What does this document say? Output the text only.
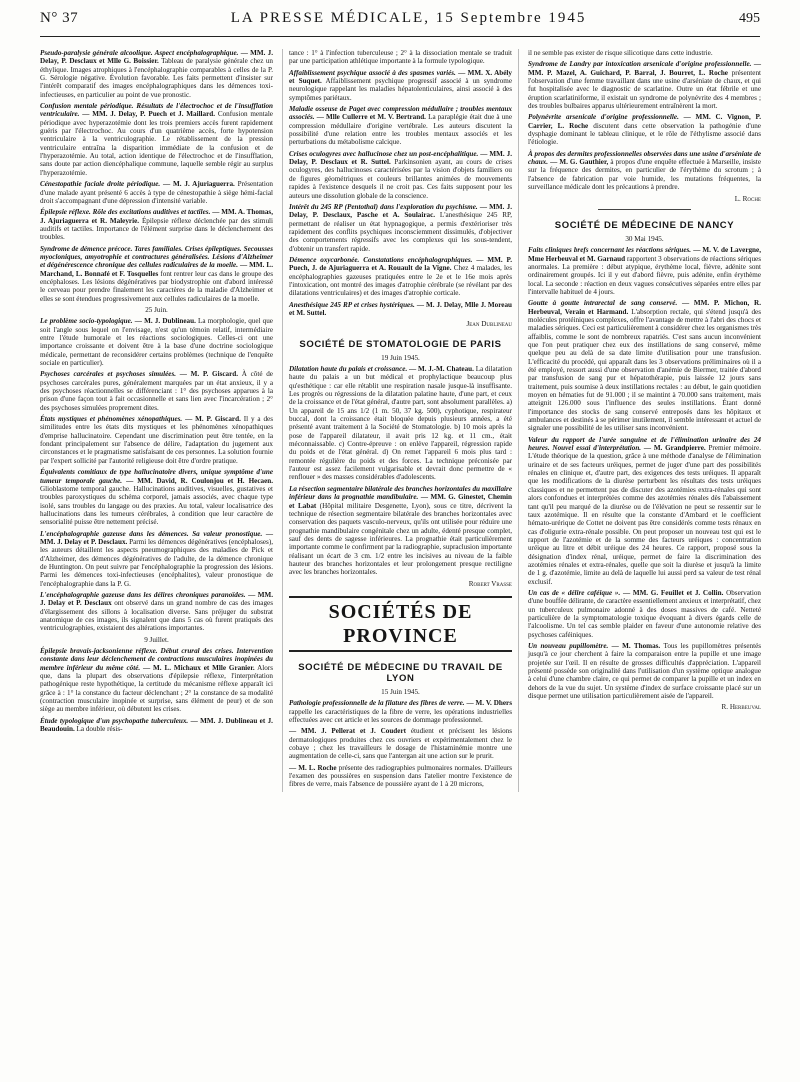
N° 37	LA PRESSE MÉDICALE, 15 Septembre 1945	495

Pseudo-paralysie générale alcoolique. Aspect encéphalographique. — MM. J. Delay, P. Desclaux et Mlle G. Boissier. Tableau de paralysie générale chez un éthylique. Images atrophiques à l'encéphalographie comparables à celles de la P. G. Sérologie négative. Évolution favorable. Les faits permettent d'insister sur l'intérêt comparatif des images encéphalographiques dans les démences toxi-infectieuses, en particulier au point de vue pronostic.

Confusion mentale périodique. Résultats de l'électrochoc et de l'insufflation ventriculaire. — MM. J. Delay, P. Puech et J. Maillard. Confusion mentale périodique avec hyperazotémie dont les trois premiers accès furent rapidement guéris par l'électrochoc. Au cours d'un quatrième accès, forte hypotension ventriculaire à la ventriculographie. Le rétablissement de la pression ventriculaire entraîna la disparition immédiate de la confusion et de l'hyperazotémie. Au total, action identique de l'électrochoc et de l'insufflation, sans doute par action diencéphalique commune, laquelle semble régir au surplus l'hyperazotémie.

Cénestopathie faciale droite périodique. — M. J. Ajuriaguerra. Présentation d'une malade ayant présenté 6 accès à type de cénestopathie à siège hémi-facial droit s'accompagnant d'une dépression d'intensité variable.

Épilepsie réflexe. Rôle des excitations auditives et tactiles. — MM. A. Thomas, J. Ajuriaguerra et R. Maleyrie. Épilepsie réflexe déclenchée par des stimuli auditifs et tactiles. Importance de l'élément surprise dans le déclenchement des troubles.

Syndrome de démence précoce. Tares familiales. Crises épileptiques. Secousses myocloniques, amyotrophie et contractures généralisées. Lésions d'Alzheimer et dégénérescence chronique des cellules radiculaires de la moelle. — MM. L. Marchand, L. Bonnafé et F. Tosquelles font rentrer leur cas dans le groupe des encéphaloses. Les lésions dégénératives par biodystrophie ont d'abord intéressé le cerveau pour prendre finalement les caractères de la maladie d'Alzheimer et elles se sont étendues progressivement aux cellules radiculaires de la moelle.

25 Juin.

Le problème socio-typologique. — M. J. Dublineau. La morphologie, quel que soit l'angle sous lequel on l'envisage, n'est qu'un témoin relatif, intermédiaire entre l'étude humorale et les réactions sociologiques. Celles-ci ont une importance croissante et doivent être à la base d'une doctrine sociologique médicale, permettant de reconsidérer certains problèmes (technique de l'enquête sociale en particulier).

Psychoses carcérales et psychoses simulées. — M. P. Giscard. À côté de psychoses carcérales pures, généralement marquées par un état anxieux, il y a des psychoses réactionnelles se différenciant : 1° des psychoses apparues à la prison d'une façon tout à fait occasionnelle et sans lien avec l'incarcération ; 2° des psychoses simulées proprement dites.

États mystiques et phénomènes xénopathiques. — M. P. Giscard. Il y a des similitudes entre les états dits mystiques et les phénomènes xénopathiques d'emprise hallucinatoire. Cependant une discrimination peut être tentée, en la fondant principalement sur l'absence de délire, l'adaptation du jugement aux circonstances et le pragmatisme satisfaisant de ces personnes. La solution fournie par l'expert sollicité par l'autorité religieuse doit être d'ordre pratique.

Équivalents comitiaux de type hallucinatoire divers, unique symptôme d'une tumeur temporale gauche. — MM. David, R. Coulonjou et H. Hecaen. Glioblastome temporal gauche. Hallucinations auditives, visuelles, gustatives et troubles paroxystiques du schéma corporel, jamais associés, avec chaque type isolé, sans troubles du langage ou des praxies. Au total, valeur localisatrice des hallucinations dans les tumeurs cérébrales, à condition que leur caractère de sensorialité puisse être nettement précisé.

L'encéphalographie gazeuse dans les démences. Sa valeur pronostique. — MM. J. Delay et P. Desclaux. Parmi les démences dégénératives (encéphaloses), les auteurs détaillent les aspects pneumographiques des maladies de Pick et d'Alzheimer, des démences dégénératives de l'adulte, de la démence chronique de Huntington. On peut suivre par l'encéphalographie la progression des lésions. Parmi les démences toxi-infectieuses (encéphalites), valeur pronostique de l'encéphalographie dans la P. G.

L'encéphalographie gazeuse dans les délires chroniques paranoïdes. — MM. J. Delay et P. Desclaux ont observé dans un grand nombre de cas des images d'élargissement des sillons à localisation diverse. Sans préjuger du substrat anatomique de ces images, ils signalent que dans 5 cas où furent pratiqués des ventriculographies, existaient des altérations importantes.

9 Juillet.

Épilepsie bravais-jacksonienne réflexe. Début crural des crises. Intervention constante dans leur déclenchement de contractions musculaires inopinées du membre inférieur du même côté. — M. L. Michaux et Mlle Granier. Alors que, dans la plupart des observations d'épilepsie réflexe, l'interprétation pathogénique reste hypothétique, la certitude du mécanisme réflexe apparaît ici grâce à : 1° la constance du facteur déclenchant ; 2° la constance de sa modalité (contraction musculaire inopinée et surprise, sans élément de peur) et de son siège au membre inférieur, où débutent les crises.

Étude typologique d'un psychopathe tuberculeux. — MM. J. Dublineau et J. Beaudouin. La double résis-

tance : 1° à l'infection tuberculeuse ; 2° à la dissociation mentale se traduit par une participation athlétique importante à la formule typologique.

Affaiblissement psychique associé à des spasmes variés. — MM. X. Abély et Suquet. Affaiblissement psychique progressif associé à un syndrome neurologique rappelant les maladies hépatolenticulaires, ainsi associé à des symptômes pariétaux.

Maladie osseuse de Paget avec compression médullaire ; troubles mentaux associés. — Mlle Cullerre et M. V. Bertrand. La paraplégie était due à une compression médullaire d'origine vertébrale. Les auteurs discutent la possibilité d'une relation entre les troubles mentaux associés et les perturbations du métabolisme calcique.

Crises oculogyres avec hallucinose chez un post-encéphalitique. — MM. J. Delay, P. Desclaux et R. Suttel. Parkinsonien ayant, au cours de crises oculogyres, des hallucinoses caractérisées par la vision d'objets familiers ou de figures géométriques et couleurs brillantes animées de mouvements rapides à l'existence desquels il ne croit pas. Ces faits supposent pour les auteurs une dissolution globale de la conscience.

Intérêt du 245 RP (Pentothal) dans l'exploration du psychisme. — MM. J. Delay, P. Desclaux, Pasche et A. Soulairac. L'anesthésique 245 RP, permettant de réaliser un état hypnagogique, a permis d'extérioriser très rapidement des conflits psychiques inconsciemment dissimulés, d'objectiver des comportements régressifs avec les complexes qui les sous-tendent, d'obtenir un transfert rapide.

Démence oxycarbonée. Constatations encéphalographiques. — MM. P. Puech, J. de Ajuriaguerra et A. Rouault de la Vigne. Chez 4 malades, les encéphalographies gazeuses pratiquées entre le 2e et le 16e mois après l'intoxication, ont montré des images d'atrophie cérébrale (se révélant par des dilatations ventriculaires) et des images d'atrophie corticale.

Anesthésique 245 RP et crises hystériques. — M. J. Delay, Mlle J. Moreau et M. Suttel.

Jean Dublineau
SOCIÉTÉ DE STOMATOLOGIE DE PARIS
19 Juin 1945.

Dilatation haute du palais et croissance. — M. J.-M. Chateau. La dilatation haute du palais a un but médical et prophylactique beaucoup plus qu'esthétique : car elle rétablit une respiration nasale jusque-là insuffisante. Les progrès ou régressions de la dilatation palatine haute, d'une part, et ceux de la croissance et de l'état général, d'autre part, sont absolument parallèles. a) Un appareil de 15 ans 1/2 (1 m. 50, 37 kg. 500), cyphotique, respirateur buccal, dont la croissance était bloquée depuis plusieurs années, a été présenté avant traitement à la Société de Stomatologie. b) 10 mois après la pose de l'appareil dilatateur, il avait pris 12 kg. et 11 cm., était méconnaissable. c) Contre-épreuve : on enlève l'appareil, régression rapide du poids et de l'état général. d) On remet l'appareil 6 mois plus tard : remontée régulière du poids et des forces. La technique préconisée par l'auteur est assez facilement vulgarisable et devrait donc permettre de « renflouer » des masses considérables d'adolescents.

La résection segmentaire bilatérale des branches horizontales du maxillaire inférieur dans la prognathie mandibulaire. — MM. G. Ginestet, Chemin et Labat (Hôpital militaire Desgenette, Lyon), sous ce titre, décrivent la technique de résection segmentaire bilatérale des branches horizontales avec conservation des paquets vasculo-nerveux, qu'ils ont utilisée pour réduire une prognathie mandibulaire congénitale chez un adulte, édenté presque complet, sauf des dents de sagesse inférieures. La prognathie était particulièrement importante comme le confirment par la radiographie, supraclusion importante réalisant un écart de 3 cm. 1/2 entre les incisives au niveau de la faible hauteur des branches horizontales et leur prolongement presque rectiligne avec les branches horizontales.

Robert Vrasse
SOCIÉTÉS DE PROVINCE
SOCIÉTÉ DE MÉDECINE DU TRAVAIL DE LYON
15 Juin 1945.

Pathologie professionnelle de la filature des fibres de verre. — M. V. Dhers rappelle les caractéristiques de la fibre de verre, les opérations industrielles effectuées avec cet article et les sources de dommage professionnel.

— MM. J. Pellerat et J. Coudert étudient et précisent les lésions dermatologiques produites chez ces ouvriers et expérimentalement chez le cobaye ; chez les travailleurs le dosage de l'histaminémie montre une augmentation de celle-ci, sans que l'antergan ait une action sur le prurit.

— M. L. Roche présente des radiographies pulmonaires normales. D'ailleurs l'examen des poussières en suspension dans l'atelier montre l'existence de fibres de verre, mais l'absence de poussière ayant de 1 à 20 microns,

il ne semble pas exister de risque silicotique dans cette industrie.

Syndrome de Landry par intoxication arsenicale d'origine professionnelle. — MM. P. Mazel, A. Guichard, P. Barral, J. Bourret, L. Roche présentent l'observation d'une femme travaillant dans une usine d'arséniate de chaux, et qui fut hospitalisée avec le diagnostic de scarlatine. Outre un état fébrile et une éruption scarlatiniforme, il existait un syndrome de polynévrite des 4 membres ; des troubles bulbaires apparus ultérieurement entraînèrent la mort.

Polynévrite arsenicale d'origine professionnelle. — MM. C. Vignon, P. Carrier, L. Roche discutent dans cette observation la pathogénie d'une dysphagie dominant le tableau clinique, et le rôle de l'éthylisme associé dans l'étiologie.

À propos des dermites professionnelles observées dans une usine d'arséniate de chaux. — M. G. Gauthier, à propos d'une enquête effectuée à Marseille, insiste sur la fréquence des dermites, en particulier de l'érythème du scrotum ; à l'absence de fabrication par voie humide, les mutations fréquentes, la surveillance médicale dont les précautions à prendre.

L. Roche
SOCIÉTÉ DE MÉDECINE DE NANCY
30 Mai 1945.

Faits cliniques brefs concernant les réactions sériques. — M. V. de Lavergne, Mme Herbeuval et M. Garnaud rapportent 3 observations de réactions sériques anormales. La première : début atypique, érythème local, fièvre, adénite sont ordinairement groupés. Ici il y eut d'abord fièvre, puis adénite, enfin érythème local. La seconde : réaction en deux vagues consécutives séparées entre elles par l'intervalle habituel de 4 jours.

Goutte à goutte intrarectal de sang conservé. — MM. P. Michon, R. Herbeuval, Verain et Harmand. L'absorption rectale, qui s'étend jusqu'à des molécules protéiniques complexes, offre l'avantage de mettre à l'abri des chocs et maladies sériques. Ceci est particulièrement à considérer chez les organismes très affaiblis, comme le sont de nombreux rapatriés. C'est sans aucun inconvénient que l'on peut pratiquer chez eux des instillations de sang conservé, même quelque peu au delà de sa date limite d'utilisation pour une transfusion. L'efficacité du procédé, qui apparaît dans les 3 observations préliminaires où il a été employé, ressort aussi d'une observation d'anémie de Biermer, traitée d'abord par transfusion de sang pur et hépatothérapie, puis laissée 12 jours sans traitement, puis soumise à deux instillations rectales : au début, le gain quotidien moyen en hématies fut de 91.000 ; il se maintint à 70.000 sans traitement, mais atteignit 126.000 sous l'influence des seules instillations. Étant donné l'importance des stocks de sang conservé entreposés dans les hôpitaux et ambulances et destinés à se périmer inutilement, il semble intéressant et actuel de signaler une possibilité de les utiliser sans inconvénient.

Valeur du rapport de l'urée sanguine et de l'élimination urinaire des 24 heures. Nouvel essai d'interprétation. — M. Grandpierre. Premier mémoire. L'étude théorique de la question, grâce à une méthode d'analyse de l'élimination urinaire et de ses facteurs uréiques, permet de juger d'une part des possibilités rénales en clinique et, d'autre part, des exigences des tests uréiques. Il apparaît que les modifications de la diurèse perturbent les résultats des tests uréiques classiques et ne permettent pas de discuter des azotémies extra-rénales qui sont alors confondues et interprétées comme des azotémies rénales dès l'abaissement tant qu'il peu marqué de la diurèse ou de l'élévation ne peut se ressentir sur le taux azotémique. Il en résulte que la constante d'Ambard et le coefficient hémato-urérique de Cottet ne doivent pas être considérés comme tests rénaux en cas d'oligurie extra-rénale possible. On peut proposer un nouveau test qui est le rapport de l'azotémie et de la somme des facteurs uréiques : concentration uréique au litre et débit uréique des 24 heures. Ce rapport, proposé sous la désignation d'index rénal, uréique, permet de faire la discrimination des azotémies rénales et extra-rénales, quelle que soit la diurèse et jusqu'à la limite de 1 g. d'azotémie, limite au delà de laquelle lui aussi perd sa valeur de test rénal exclusif.

Un cas de « délire caféique ». — MM. G. Feuillet et J. Collin. Observation d'une bouffée délirante, de caractère essentiellement anxieux et interprétatif, chez un tuberculeux pulmonaire adonné à des doses massives de café. Netteté particulière de la symptomatologie toxique évoquant à divers égards celle de l'alcoolisme. Un tel cas semble plaider en faveur d'une autonomie relative des psychoses caféiniques.

Un nouveau pupillomètre. — M. Thomas. Tous les pupillomètres présentés jusqu'à ce jour cherchent à faire la comparaison entre la pupille et une image projetée sur l'œil. Il en résulte de grosses difficultés d'appréciation. L'appareil présenté possède son originalité dans l'utilisation d'un système optique analogue à celui d'une chambre claire, ce qui permet de comparer la pupille et un index en dehors de la vue du sujet. Un système d'index de surface croissante placé sur un disque permet une utilisation particulièrement aisée de l'appareil.

R. Herbeuval
